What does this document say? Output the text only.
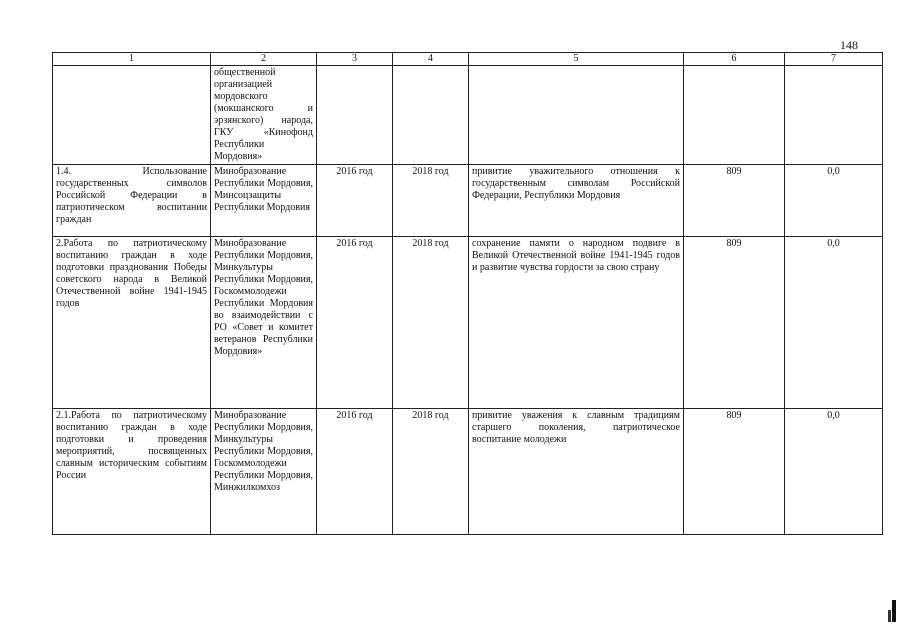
148
1	2	3	4	5	6	7
	общественной организацией мордовского (мокшанского и эрзянского) народа, ГКУ «Кинофонд Республики Мордовия»					
1.4. Использование государственных символов Российской Федерации в патриотическом воспитании граждан	Минобразование Республики Мордовия, Минсоцзащиты Республики Мордовия	2016 год	2018 год	привитие уважительного отношения к государственным символам Российской Федерации, Республики Мордовия	809	0,0
2.Работа по патриотическому воспитанию граждан в ходе подготовки празднования Победы советского народа в Великой Отечественной войне 1941-1945 годов	Минобразование Республики Мордовия, Минкультуры Республики Мордовия, Госкоммолодежи Республики Мордовия во взаимодействии с РО «Совет и комитет ветеранов Республики Мордовия»	2016 год	2018 год	сохранение памяти о народном подвиге в Великой Отечественной войне 1941-1945 годов и развитие чувства гордости за свою страну	809	0,0
2.1.Работа по патриотическому воспитанию граждан в ходе подготовки и проведения мероприятий, посвященных славным историческим событиям России	Минобразование Республики Мордовия, Минкультуры Республики Мордовия, Госкоммолодежи Республики Мордовия, Минжилкомхоз	2016 год	2018 год	привитие уважения к славным традициям старшего поколения, патриотическое воспитание молодежи	809	0,0
